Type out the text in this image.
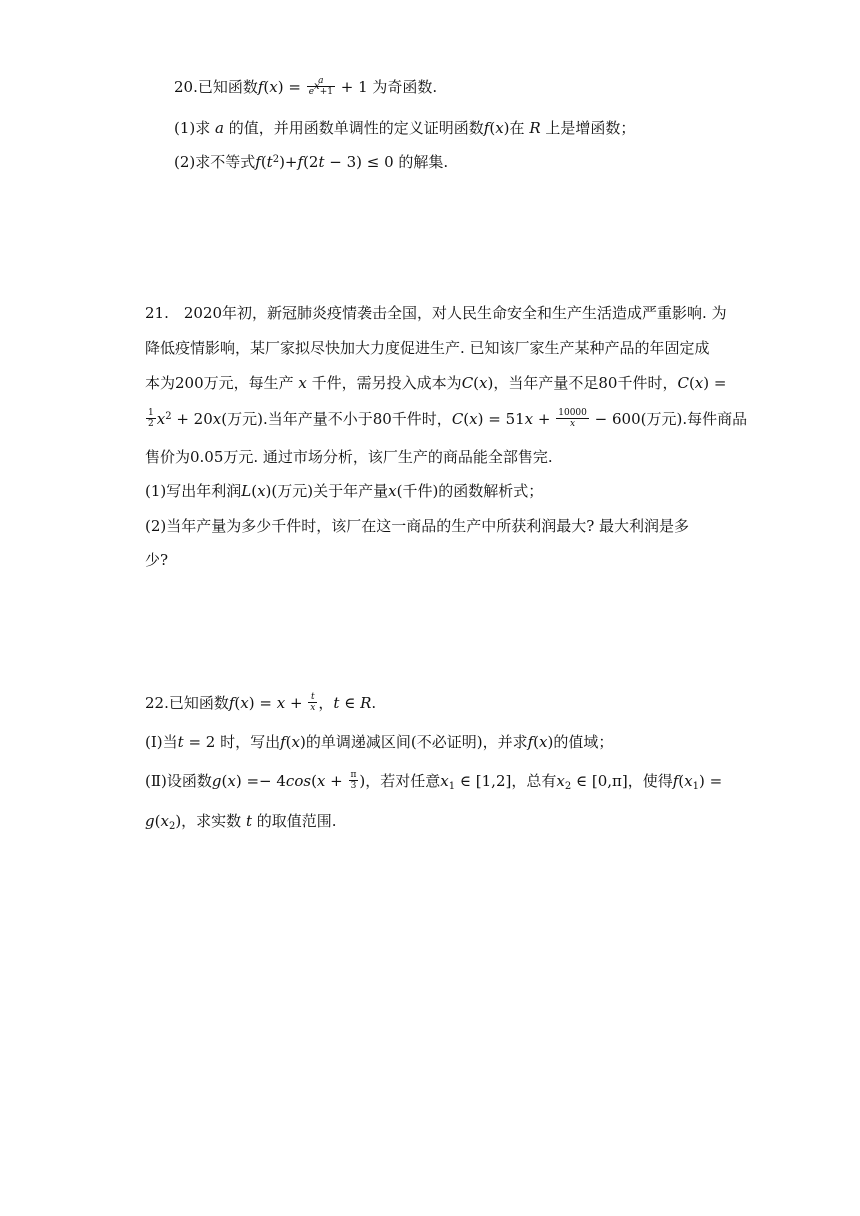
20.已知函数$f(x) = \frac{a}{e^x+1} + 1$ 为奇函数.
(1)求 a 的值，并用函数单调性的定义证明函数f(x)在 R 上是增函数；
(2)求不等式$f(t^2)+f(2t - 3) \le 0$ 的解集.
21.　2020年初，新冠肺炎疫情袭击全国，对人民生命安全和生产生活造成严重影响. 为
降低疫情影响，某厂家拟尽快加大力度促进生产. 已知该厂家生产某种产品的年固定成
本为200万元，每生产 x 千件，需另投入成本为C(x)，当年产量不足80千件时，C(x) =
$\frac{1}{2} x^2 + 20x$(万元).当年产量不小于80千件时，$C(x) = 51x + \frac{10000}{x} - 600$(万元).每件商品
售价为0.05万元. 通过市场分析，该厂生产的商品能全部售完.
(1)写出年利润L(x)(万元)关于年产量x(千件)的函数解析式；
(2)当年产量为多少千件时，该厂在这一商品的生产中所获利润最大? 最大利润是多
少?
22.已知函数$f(x) = x + \frac{t}{x}$ ，t ∈ R.
(Ⅰ)当t = 2 时，写出f(x)的单调递减区间(不必证明)，并求f(x)的值域；
(Ⅱ)设函数$g(x) =- 4\cos(x + \frac{\pi}{3}$ )，若对任意$x_1$ ∈ [1,2]，总有$x_2$ ∈ [0,π]，使得$f(x_1)$ =
$g(x_2)$，求实数 t 的取值范围.
